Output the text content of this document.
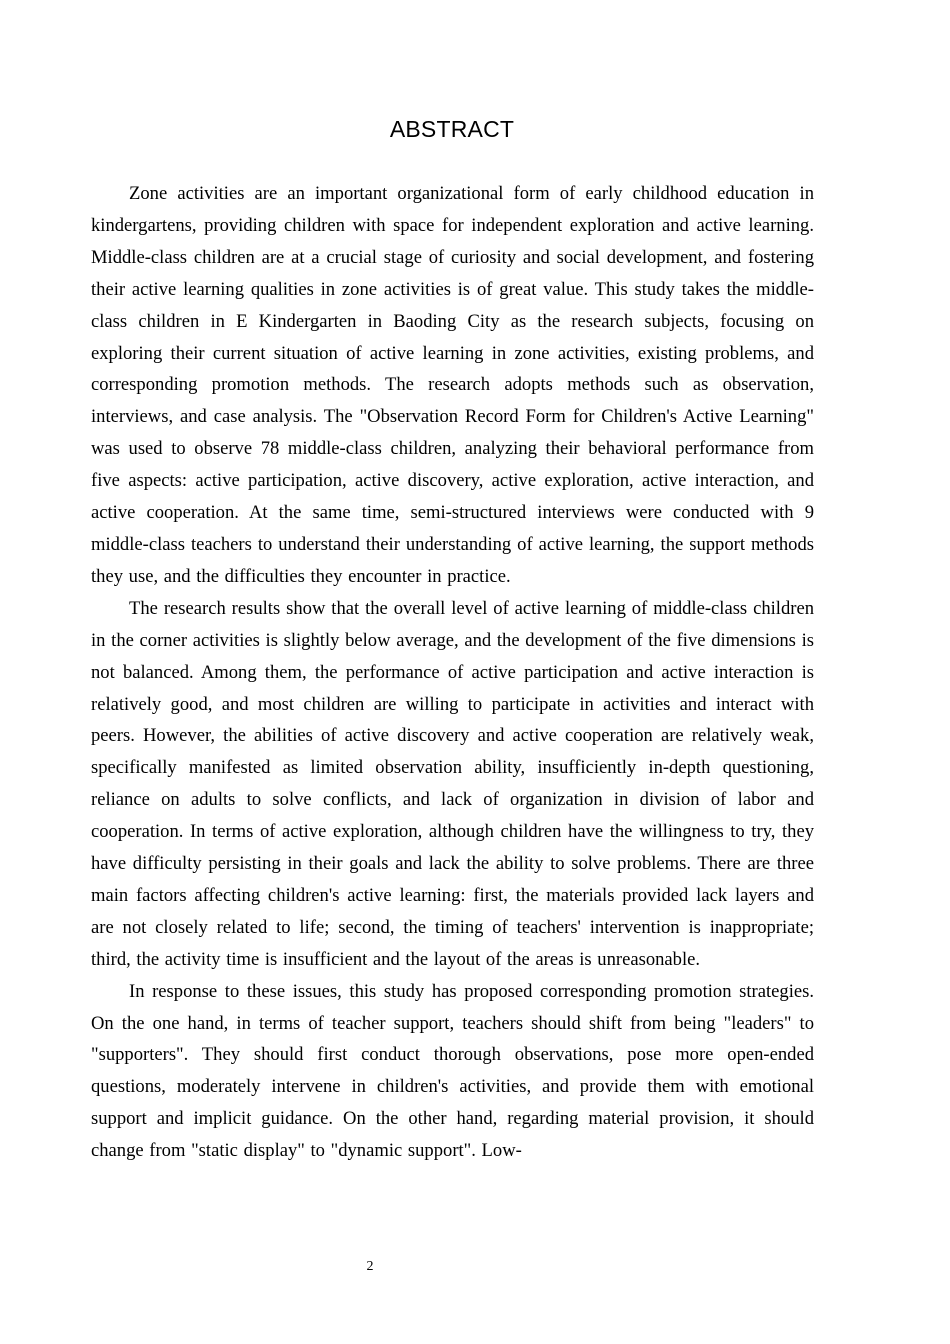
ABSTRACT

Zone activities are an important organizational form of early childhood education in kindergartens, providing children with space for independent exploration and active learning. Middle-class children are at a crucial stage of curiosity and social development, and fostering their active learning qualities in zone activities is of great value. This study takes the middle-class children in E Kindergarten in Baoding City as the research subjects, focusing on exploring their current situation of active learning in zone activities, existing problems, and corresponding promotion methods. The research adopts methods such as observation, interviews, and case analysis. The "Observation Record Form for Children's Active Learning" was used to observe 78 middle-class children, analyzing their behavioral performance from five aspects: active participation, active discovery, active exploration, active interaction, and active cooperation. At the same time, semi-structured interviews were conducted with 9 middle-class teachers to understand their understanding of active learning, the support methods they use, and the difficulties they encounter in practice.

The research results show that the overall level of active learning of middle-class children in the corner activities is slightly below average, and the development of the five dimensions is not balanced. Among them, the performance of active participation and active interaction is relatively good, and most children are willing to participate in activities and interact with peers. However, the abilities of active discovery and active cooperation are relatively weak, specifically manifested as limited observation ability, insufficiently in-depth questioning, reliance on adults to solve conflicts, and lack of organization in division of labor and cooperation. In terms of active exploration, although children have the willingness to try, they have difficulty persisting in their goals and lack the ability to solve problems. There are three main factors affecting children's active learning: first, the materials provided lack layers and are not closely related to life; second, the timing of teachers' intervention is inappropriate; third, the activity time is insufficient and the layout of the areas is unreasonable.

In response to these issues, this study has proposed corresponding promotion strategies. On the one hand, in terms of teacher support, teachers should shift from being "leaders" to "supporters". They should first conduct thorough observations, pose more open-ended questions, moderately intervene in children's activities, and provide them with emotional support and implicit guidance. On the other hand, regarding material provision, it should change from "static display" to "dynamic support". Low-

2
